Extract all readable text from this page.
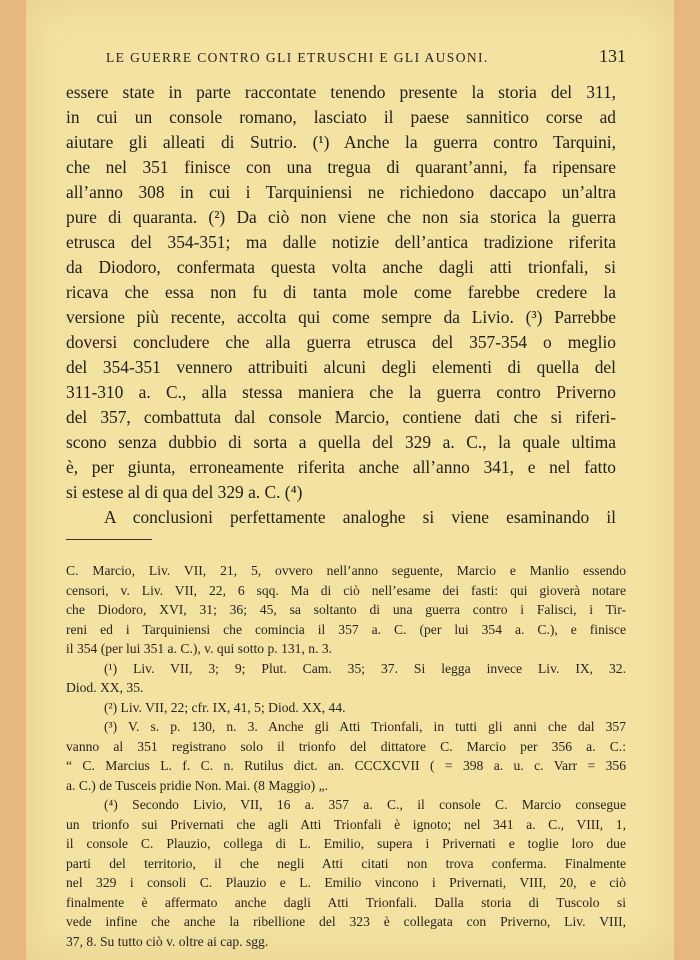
LE GUERRE CONTRO GLI ETRUSCHI E GLI AUSONI.	131
essere state in parte raccontate tenendo presente la storia del 311,
in cui un console romano, lasciato il paese sannitico corse ad
aiutare gli alleati di Sutrio. (¹) Anche la guerra contro Tarquini,
che nel 351 finisce con una tregua di quarant’anni, fa ripensare
all’anno 308 in cui i Tarquiniensi ne richiedono daccapo un’altra
pure di quaranta. (²) Da ciò non viene che non sia storica la guerra
etrusca del 354-351; ma dalle notizie dell’antica tradizione riferita
da Diodoro, confermata questa volta anche dagli atti trionfali, si
ricava che essa non fu di tanta mole come farebbe credere la
versione più recente, accolta qui come sempre da Livio. (³) Parrebbe
doversi concludere che alla guerra etrusca del 357-354 o meglio
del 354-351 vennero attribuiti alcuni degli elementi di quella del
311-310 a. C., alla stessa maniera che la guerra contro Priverno
del 357, combattuta dal console Marcio, contiene dati che si riferi-
scono senza dubbio di sorta a quella del 329 a. C., la quale ultima
è, per giunta, erroneamente riferita anche all’anno 341, e nel fatto
si estese al di qua del 329 a. C. (⁴)
A conclusioni perfettamente analoghe si viene esaminando il
C. Marcio, Liv. VII, 21, 5, ovvero nell’anno seguente, Marcio e Manlio essendo
censori, v. Liv. VII, 22, 6 sqq. Ma di ciò nell’esame dei fasti: qui gioverà notare
che Diodoro, XVI, 31; 36; 45, sa soltanto di una guerra contro i Falisci, i Tir-
reni ed i Tarquiniensi che comincia il 357 a. C. (per lui 354 a. C.), e finisce
il 354 (per lui 351 a. C.), v. qui sotto p. 131, n. 3.
(¹) Liv. VII, 3; 9; Plut. Cam. 35; 37. Si legga invece Liv. IX, 32.
Diod. XX, 35.
(²) Liv. VII, 22; cfr. IX, 41, 5; Diod. XX, 44.
(³) V. s. p. 130, n. 3. Anche gli Atti Trionfali, in tutti gli anni che dal 357
vanno al 351 registrano solo il trionfo del dittatore C. Marcio per 356 a. C.:
“ C. Marcius L. f. C. n. Rutilus dict. an. CCCXCVII ( = 398 a. u. c. Varr = 356
a. C.) de Tusceis pridie Non. Mai. (8 Maggio) „.
(⁴) Secondo Livio, VII, 16 a. 357 a. C., il console C. Marcio consegue
un trionfo sui Privernati che agli Atti Trionfali è ignoto; nel 341 a. C., VIII, 1,
il console C. Plauzio, collega di L. Emilio, supera i Privernati e toglie loro due
parti del territorio, il che negli Atti citati non trova conferma. Finalmente
nel 329 i consoli C. Plauzio e L. Emilio vincono i Privernati, VIII, 20, e ciò
finalmente è affermato anche dagli Atti Trionfali. Dalla storia di Tuscolo si
vede infine che anche la ribellione del 323 è collegata con Priverno, Liv. VIII,
37, 8. Su tutto ciò v. oltre ai cap. sgg.
